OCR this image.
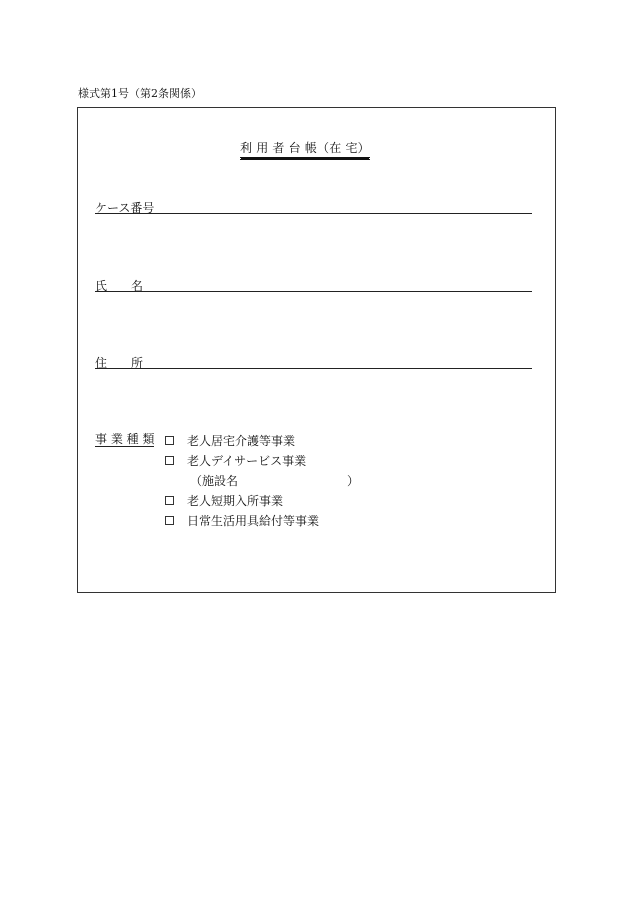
様式第1号（第2条関係）
利 用 者 台 帳（在 宅）
ケース番号
氏　　名
住　　所
事 業 種 類	老人居宅介護等事業
老人デイサービス事業
（施設名	）
老人短期入所事業
日常生活用具給付等事業
